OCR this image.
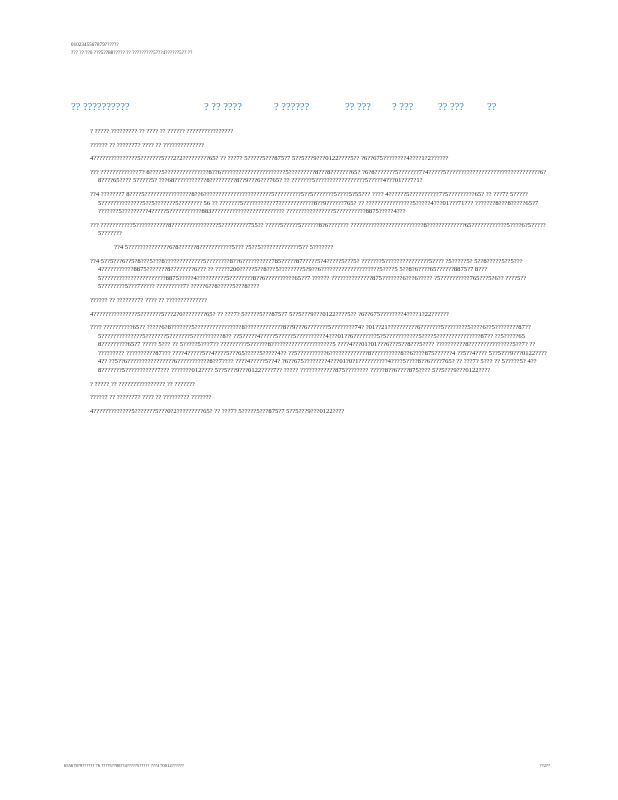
0102345567879??????
??? ?? ??6 ???5??88????? ?? ?????????5???4??????5?? ??
?? ??????????	? ?? ????	? ??????	?? ??? ? ??? ?? ??? ??

? ????? ????????? ?? ???? ?? ?????? ????????????????

?????? ?? ??????7? ???? ?? ??????????????

4???????????????5???????5???2?2?????????65? ?? ???7? 5?????5???875?7 5??5???9???0122????5?? ?6??675????????4????1?2??????

??? ?????????????7? 8????5???????????????8??6??????????????????????5?????????8???8???????65? ?6?8???????5???????7?4?????5????????????????????????????????6?8????65???? 5?????5? ???68???????????8?????????8??9???6???765? ?? ???????5?????????????????5?????4???01???7?1?

??4 ???????7 8????5????????????????8??6???????????????????????5?????????5??5???????5????5?55??? ???? 4??????5??????????7?5?????????65? ?? ???7? 5?????5??????????????5??5???????5???????? 56 ?? ???????5???????????7????????????8??9??????765? ?? ????????????????5?????4???01???71??? ???????8???8?????65?7 ???????5?????????4?????5???????????883????????????????????????? ????????????????5??????????8875?????4???

??? ???????????5???????????8????????????????5?????????755?? ?????5?????5??????8?6??????? ?????????????????????????8?????????????65????????????5????6?5?????5???????

??4 5??????????????6?8??????8???????????5??? ?5??5?????????????5?? 5???????

??4 5??5???6??5?8???5???8?????????????5????????8??6??????????785?????87?????5?4?????5???5? ???????5???????????????5???? ?5?????5? 5??8?????5??5???4???????????8875???????8????????6??? ?? ?????200?????5??8???5????????5?9??6????????????????????5????5 5??8?6????65??????8875?7 8???5??????????????????????8875?????4??????????5????????8??6??????????65??7 ?????? ??????????????875???????6???6????? ?5??????????765???5?6?? ????5??5????????5???7????? ?????????7? ?????6??8?????5???8????

?????? ?? ???????7? ???? ?? ??????????????

4???????????????5???????5???2?0????????65? ?? ???7? 5?????5???875?7 5??5???9???0122????5?? ?6??675????????4????1?22??????

???? ??????????65?? ?????6?8???????5????????????????8?????????????8??9???6???????5????????74? ?01??21??????????6???????5????????5????6??5????????87??5??????????????5???????5???????5??????????8?? ??5?????4?????5?????5??????????4???01??6????????5?5???????????5????5???????????????87?? ??5?????658?????????65?7 ????? 5??? ?? 5?????5???7?? ?????????5??????8?????????????????????5 ????4???01?01???6???5??8???5???? ??????????8???????????????5??7? ?? ????????? ??????????87??? ????4?????5??4????5???65?????5?????4?? ??5??????????6?????????????8??????????8??6????875??????4 ??5??4???? 5??5???9???0122????4?? ??5??6????????????????6???????????8??7???? ????4?????5??4? ?6??675????????4???01?0?1??????????4????5????8??6????765? ?? ???7? 5??? ?? 5?????5? 4??8???????5???????????7??? ???????012???? 5??5???9???0122????7?? ????? ????????????875???????? ?????8??6????875???? 5??5???9???0122????

? ????? ?? ???????????????? ?? ???????

?????? ?? ??????7? ???? ?? ????????? ???????

4?????????????5???????5???0?2?????????65? ?? ???7? 5?????5???875?7 5??5???9???0122????

655678?9?????? 76 ????5??88??4?????5????? ???4 70012??????	??2??
